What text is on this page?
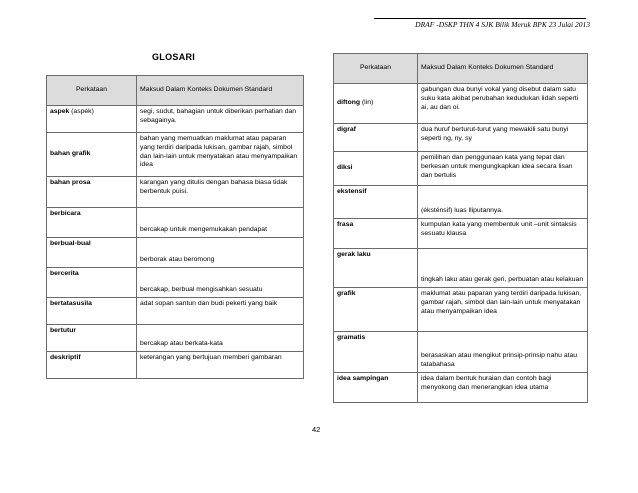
DRAF -DSKP THN 4 SJK Bilik Meruk BPK 23 Julai 2013
GLOSARI
Perkataan	Maksud Dalam Konteks Dokumen Standard
aspek (aspék)	segi, sudut, bahagian untuk diberikan perhatian dan sebagainya.
bahan grafik	bahan yang memuatkan maklumat atau paparan yang terdiri daripada lukisan, gambar rajah, simbol dan lain-lain untuk menyatakan atau menyampaikan idea
bahan prosa	karangan yang ditulis dengan bahasa biasa tidak berbentuk puisi.
berbicara	bercakap untuk mengemukakan pendapat
berbual-bual	berborak atau beromong
bercerita	bercakap, berbual mengisahkan sesuatu
bertatasusila	adat sopan santun dan budi pekerti yang baik
bertutur	bercakap atau berkata-kata
deskriptif	keterangan yang bertujuan memberi gambaran
Perkataan	Maksud Dalam Konteks Dokumen Standard
diftong (lin)	gabungan dua bunyi vokal yang disebut dalam satu suku kata akibat perubahan kedudukan lidah seperti ai, au dan oi.
digraf	dua huruf berturut-turut yang mewakili satu bunyi seperti ng, ny, sy
diksi	pemilihan dan penggunaan kata yang tepat dan berkesan untuk mengungkapkan idea secara lisan dan bertulis
ekstensif	(éksténsif) luas lliputannya.
frasa	kumpulan kata yang membentuk unit –unit sintaksis sesuatu klausa
gerak laku	tingkah laku atau gerak geri, perbuatan atau kelakuan
grafik	maklumat atau paparan yang terdiri daripada lukisan, gambar rajah, simbol dan lain-lain untuk menyatakan atau menyampaikan idea
gramatis	berasaskan atau mengikut prinsip-prinsip nahu atau tatabahasa
idea sampingan	idea dalam bentuk huraian dan contoh bagi menyokong dan menerangkan idea utama
42
